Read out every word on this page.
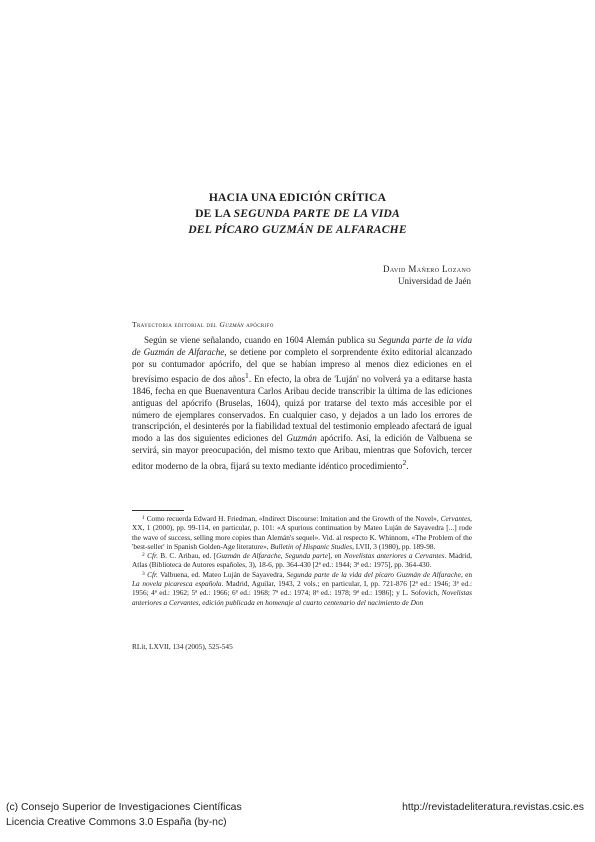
HACIA UNA EDICIÓN CRÍTICA
DE LA SEGUNDA PARTE DE LA VIDA
DEL PÍCARO GUZMÁN DE ALFARACHE
David Mañero Lozano
Universidad de Jaén
Trayectoria editorial del Guzmán apócrifo

Según se viene señalando, cuando en 1604 Alemán publica su Segunda parte de la vida de Guzmán de Alfarache, se detiene por completo el sorprendente éxito editorial alcanzado por su contumador apócrifo, del que se habían impreso al menos diez ediciones en el brevísimo espacio de dos años$^1$. En efecto, la obra de 'Luján' no volverá ya a editarse hasta 1846, fecha en que Buenaventura Carlos Aribau decide transcribir la última de las ediciones antiguas del apócrifo (Bruselas, 1604), quizá por tratarse del texto más accesible por el número de ejemplares conservados. En cualquier caso, y dejados a un lado los errores de transcripción, el desinterés por la fiabilidad textual del testimonio empleado afectará de igual modo a las dos siguientes ediciones del Guzmán apócrifo. Así, la edición de Valbuena se servirá, sin mayor preocupación, del mismo texto que Aribau, mientras que Sofovich, tercer editor moderno de la obra, fijará su texto mediante idéntico procedimiento$^2$.

$^1$ Como recuerda Edward H. Friedman, «Indirect Discourse: Imitation and the Growth of the Novel», Cervantes, XX, 1 (2000), pp. 99-114, en particular, p. 101: «A spurious continuation by Mateo Luján de Sayavedra [...] rode the wave of success, selling more copies than Alemán's sequel». Vid. al respecto K. Whinnom, «The Problem of the 'best-seller' in Spanish Golden-Age literature», Bulletin of Hispanic Studies, LVII, 3 (1980), pp. 189-98.

$^2$ Cfr. B. C. Aribau, ed. [Guzmán de Alfarache, Segunda parte], en Novelistas anteriores a Cervantes. Madrid, Atlas (Biblioteca de Autores españoles, 3), 18-6, pp. 364-430 [2ª ed.: 1944; 3ª ed.: 1975], pp. 364-430.

$^3$ Cfr. Valbuena, ed. Mateo Luján de Sayavedra, Segunda parte de la vida del pícaro Guzmán de Alfarache, en La novela picaresca española. Madrid, Aguilar, 1943, 2 vols.; en particular, I, pp. 721-876 [2ª ed.: 1946; 3ª ed.: 1956; 4ª ed.: 1962; 5ª ed.: 1966; 6ª ed.: 1968; 7ª ed.: 1974; 8ª ed.: 1978; 9ª ed.: 1986]; y L. Sofovich, Novelistas anteriores a Cervantes, edición publicada en homenaje al cuarto centenario del nacimiento de Don

RLit, LXVII, 134 (2005), 525-545
(c) Consejo Superior de Investigaciones Científicas
Licencia Creative Commons 3.0 España (by-nc)
http://revistadeliteratura.revistas.csic.es
